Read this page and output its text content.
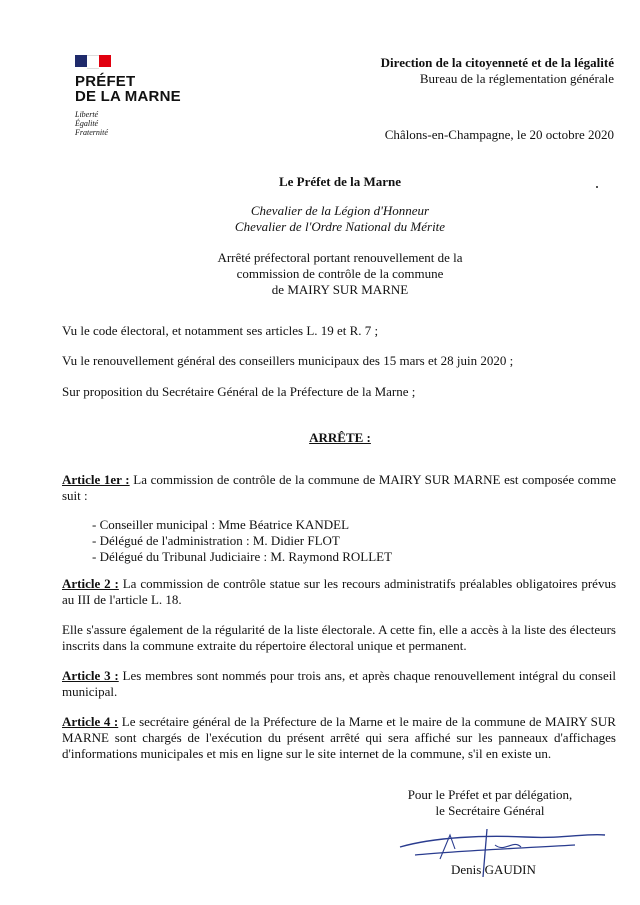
PRÉFET
DE LA MARNE
Liberté
Égalité
Fraternité
Direction de la citoyenneté et de la légalité
Bureau de la réglementation générale
Châlons-en-Champagne, le 20 octobre 2020
Le Préfet de la Marne
Chevalier de la Légion d'Honneur
Chevalier de l'Ordre National du Mérite
Arrêté préfectoral portant renouvellement de la
commission de contrôle de la commune
de MAIRY SUR MARNE
Vu le code électoral, et notamment ses articles L. 19 et R. 7 ;
Vu le renouvellement général des conseillers municipaux des 15 mars et 28 juin 2020 ;
Sur proposition du Secrétaire Général de la Préfecture de la Marne ;
ARRÊTE :
Article 1er : La commission de contrôle de la commune de MAIRY SUR MARNE est composée comme suit :
- Conseiller municipal : Mme Béatrice KANDEL
- Délégué de l'administration : M. Didier FLOT
- Délégué du Tribunal Judiciaire : M. Raymond ROLLET
Article 2 : La commission de contrôle statue sur les recours administratifs préalables obligatoires prévus au III de l'article L. 18.
Elle s'assure également de la régularité de la liste électorale. A cette fin, elle a accès à la liste des électeurs inscrits dans la commune extraite du répertoire électoral unique et permanent.
Article 3 : Les membres sont nommés pour trois ans, et après chaque renouvellement intégral du conseil municipal.
Article 4 : Le secrétaire général de la Préfecture de la Marne et le maire de la commune de MAIRY SUR MARNE sont chargés de l'exécution du présent arrêté qui sera affiché sur les panneaux d'affichages d'informations municipales et mis en ligne sur le site internet de la commune, s'il en existe un.
Pour le Préfet et par délégation,
le Secrétaire Général
Denis GAUDIN
